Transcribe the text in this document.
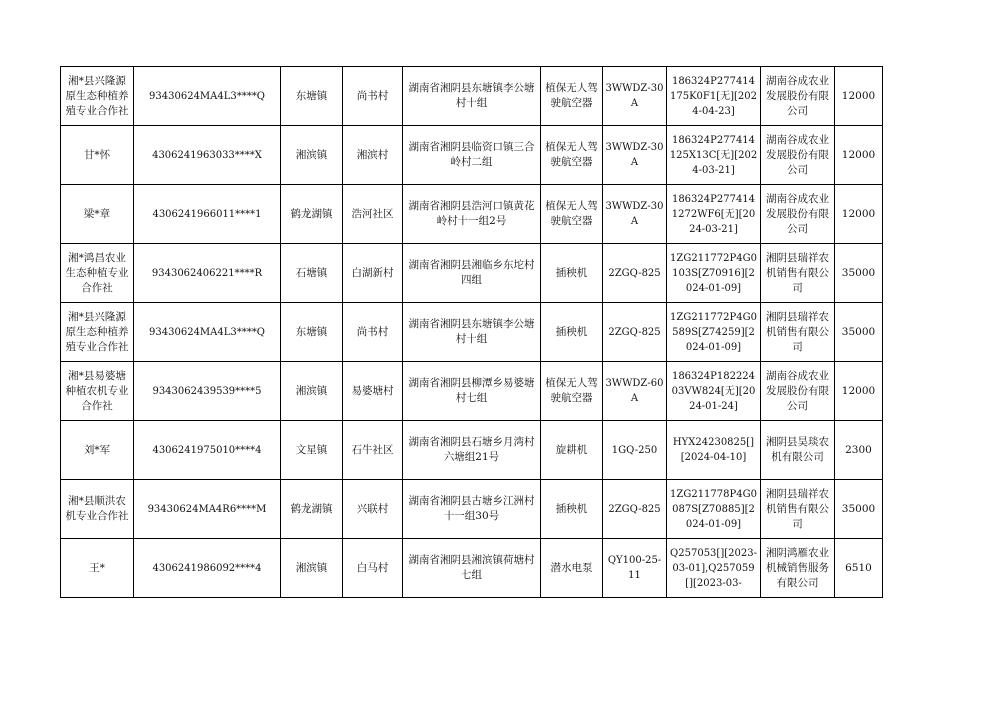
湘*县兴隆源原生态种植养殖专业合作社	93430624MA4L3****Q	东塘镇	尚书村	湖南省湘阴县东塘镇李公塘村十组	植保无人驾驶航空器	3WWDZ-30A	186324P277414175K0F1[无][2024-04-23]	湖南谷成农业发展股份有限公司	12000
甘*怀	4306241963033****X	湘滨镇	湘滨村	湖南省湘阴县临资口镇三合岭村二组	植保无人驾驶航空器	3WWDZ-30A	186324P277414125X13C[无][2024-03-21]	湖南谷成农业发展股份有限公司	12000
梁*章	4306241966011****1	鹤龙湖镇	浩河社区	湖南省湘阴县浩河口镇黄花岭村十一组2号	植保无人驾驶航空器	3WWDZ-30A	186324P2774141272WF6[无][2024-03-21]	湖南谷成农业发展股份有限公司	12000
湘*鸿昌农业生态种植专业合作社	93430624062​21****R	石塘镇	白湖新村	湖南省湘阴县湘临乡东坨村四组	插秧机	2ZGQ-825	1ZG211772P4G0103S[Z70916][2024-01-09]	湘阴县瑞祥农机销售有限公司	35000
湘*县兴隆源原生态种植养殖专业合作社	93430624MA4L3****Q	东塘镇	尚书村	湖南省湘阴县东塘镇李公塘村十组	插秧机	2ZGQ-825	1ZG211772P4G0589S[Z74259][2024-01-09]	湘阴县瑞祥农机销售有限公司	35000
湘*县易婆塘种植农机专业合作社	9343062439539****5	湘滨镇	易婆塘村	湖南省湘阴县柳潭乡易婆塘村七组	植保无人驾驶航空器	3WWDZ-60A	186324P18222403VW824[无][2024-01-24]	湖南谷成农业发展股份有限公司	12000
刘*军	4306241975010****4	文星镇	石牛社区	湖南省湘阴县石塘乡月湾村六塘组21号	旋耕机	1GQ-250	HYX24230825[][2024-04-10]	湘阴县昊琰农机有限公司	2300
湘*县顺洪农机专业合作社	93430624MA4R6****M	鹤龙湖镇	兴联村	湖南省湘阴县古塘乡江洲村十一组30号	插秧机	2ZGQ-825	1ZG211778P4G0087S[Z70885][2024-01-09]	湘阴县瑞祥农机销售有限公司	35000
王*	4306241986092****4	湘滨镇	白马村	湖南省湘阴县湘滨镇荷塘村七组	潜水电泵	QY100-25-11	Q257053[][2023-03-01],Q257059[][2023-03-	湘阴鸿雁农业机械销售服务有限公司	6510
